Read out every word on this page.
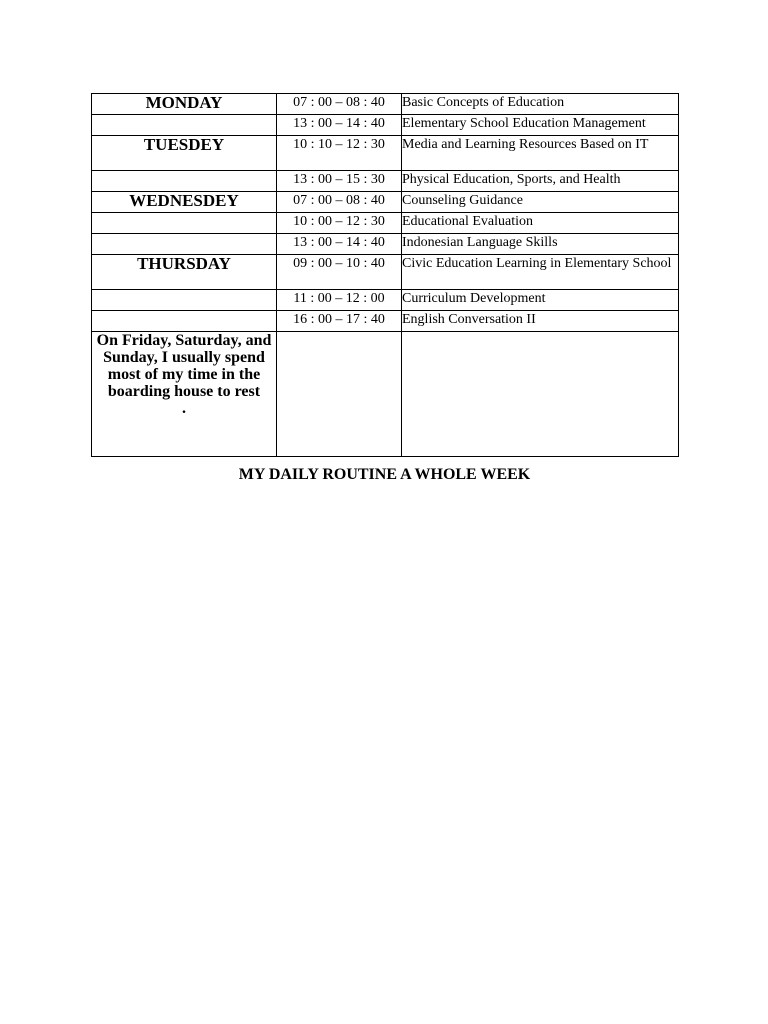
MONDAY	07 : 00 – 08 : 40	Basic Concepts of Education
	13 : 00 – 14 : 40	Elementary School Education Management
TUESDEY	10 : 10 – 12 : 30	Media and Learning Resources Based on IT
	13 : 00 – 15 : 30	Physical Education, Sports, and Health
WEDNESDEY	07 : 00 – 08 : 40	Counseling Guidance
	10 : 00 – 12 : 30	Educational Evaluation
	13 : 00 – 14 : 40	Indonesian Language Skills
THURSDAY	09 : 00 – 10 : 40	Civic Education Learning in Elementary School
	11 : 00 – 12 : 00	Curriculum Development
	16 : 00 – 17 : 40	English Conversation II
On Friday, Saturday, and Sunday, I usually spend most of my time in the
boarding house to rest
.		
MY DAILY ROUTINE A WHOLE WEEK
